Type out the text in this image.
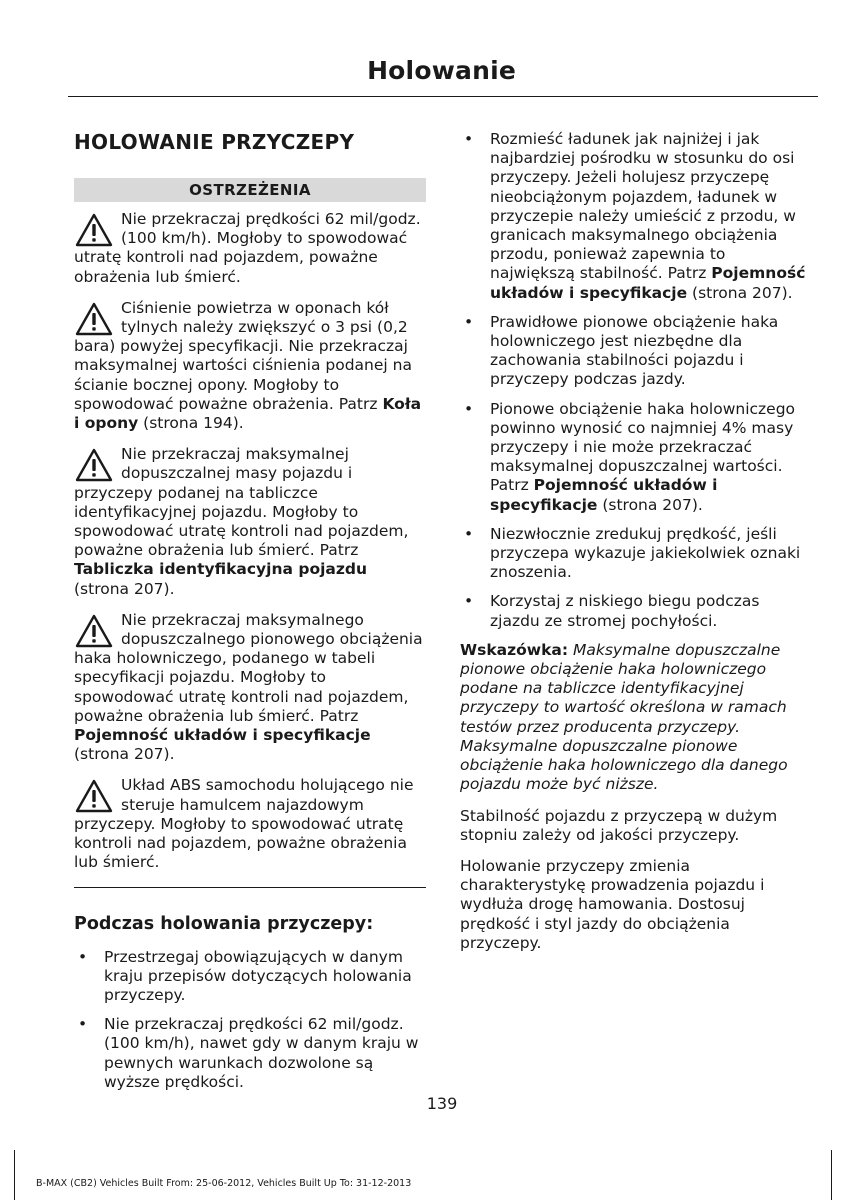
Holowanie
HOLOWANIE PRZYCZEPY
OSTRZEŻENIA

Nie przekraczaj prędkości 62 mil/godz. (100 km/h). Mogłoby to spowodować utratę kontroli nad pojazdem, poważne obrażenia lub śmierć.

Ciśnienie powietrza w oponach kół tylnych należy zwiększyć o 3 psi (0,2 bara) powyżej specyfikacji. Nie przekraczaj maksymalnej wartości ciśnienia podanej na ścianie bocznej opony. Mogłoby to spowodować poważne obrażenia. Patrz Koła i opony (strona 194).

Nie przekraczaj maksymalnej dopuszczalnej masy pojazdu i przyczepy podanej na tabliczce identyfikacyjnej pojazdu. Mogłoby to spowodować utratę kontroli nad pojazdem, poważne obrażenia lub śmierć. Patrz Tabliczka identyfikacyjna pojazdu (strona 207).

Nie przekraczaj maksymalnego dopuszczalnego pionowego obciążenia haka holowniczego, podanego w tabeli specyfikacji pojazdu. Mogłoby to spowodować utratę kontroli nad pojazdem, poważne obrażenia lub śmierć. Patrz Pojemność układów i specyfikacje (strona 207).

Układ ABS samochodu holującego nie steruje hamulcem najazdowym przyczepy. Mogłoby to spowodować utratę kontroli nad pojazdem, poważne obrażenia lub śmierć.

Podczas holowania przyczepy:
• Przestrzegaj obowiązujących w danym kraju przepisów dotyczących holowania przyczepy.
• Nie przekraczaj prędkości 62 mil/godz. (100 km/h), nawet gdy w danym kraju w pewnych warunkach dozwolone są wyższe prędkości.
• Rozmieść ładunek jak najniżej i jak najbardziej pośrodku w stosunku do osi przyczepy. Jeżeli holujesz przyczepę nieobciążonym pojazdem, ładunek w przyczepie należy umieścić z przodu, w granicach maksymalnego obciążenia przodu, ponieważ zapewnia to największą stabilność. Patrz Pojemność układów i specyfikacje (strona 207).
• Prawidłowe pionowe obciążenie haka holowniczego jest niezbędne dla zachowania stabilności pojazdu i przyczepy podczas jazdy.
• Pionowe obciążenie haka holowniczego powinno wynosić co najmniej 4% masy przyczepy i nie może przekraczać maksymalnej dopuszczalnej wartości. Patrz Pojemność układów i specyfikacje (strona 207).
• Niezwłocznie zredukuj prędkość, jeśli przyczepa wykazuje jakiekolwiek oznaki znoszenia.
• Korzystaj z niskiego biegu podczas zjazdu ze stromej pochyłości.

Wskazówka: Maksymalne dopuszczalne pionowe obciążenie haka holowniczego podane na tabliczce identyfikacyjnej przyczepy to wartość określona w ramach testów przez producenta przyczepy. Maksymalne dopuszczalne pionowe obciążenie haka holowniczego dla danego pojazdu może być niższe.

Stabilność pojazdu z przyczepą w dużym stopniu zależy od jakości przyczepy.

Holowanie przyczepy zmienia charakterystykę prowadzenia pojazdu i wydłuża drogę hamowania. Dostosuj prędkość i styl jazdy do obciążenia przyczepy.

139
B-MAX (CB2) Vehicles Built From: 25-06-2012, Vehicles Built Up To: 31-12-2013
